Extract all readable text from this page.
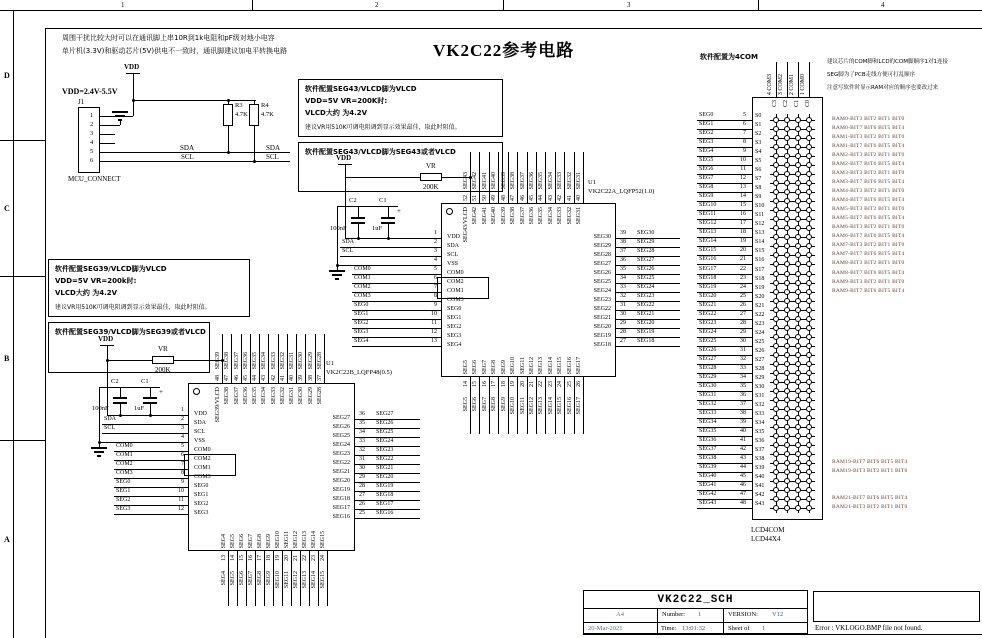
VK2C22参考电路
周围干扰比较大时可以在通讯脚上串10R到1k电阻和pF级对地小电容
单片机(3.3V)和驱动芯片(5V)供电不一致时，通讯脚建议加电平转换电路
VDD=2.4V-5.5V	软件配置SEG43/VLCD脚为VLCD
VDD=5V VR=200K时:
VLCD大约 为4.2V
建议VR用510K可调电阻调到显示效果最佳，取此时阻值。
软件配置SEG43/VLCD脚为SEG43或者VLCD
软件配置SEG39/VLCD脚为VLCD
VDD=5V VR=200k时:
VLCD大约 为4.2V
建议VR用510K可调电阻调到显示效果最佳，取此时阻值。
软件配置SEG39/VLCD脚为SEG39或者VLCD
软件配置为4COM
建议芯片的COM脚和LCD的COM脚顺序1对1连接
SEG脚为了PCB走线方便可打乱顺序
注意写软件时显示RAM对应的顺序也要改过来
LCD4COM
LCD44X4
VK2C22_SCH
A4	Number: 1	VERSION: V12
20-Mar-2021	Time: 13:01:32	Sheet of 1	Error : VKLOGO.BMP file not found.
1	2	3	4
D
C
B
A
VDD
R3
4.7K
R4
4.7K
J1
1
2
3
4
5
6
SDA	SDA
SCL	SCL
MCU_CONNECT
VDD
VR
200K
VDD
VR
200K
U1
VK2C22A_LQFP52(1.0)
C2
100nF
C1
1uF
+
1
VDD
SDA	2
SDA
SCL	3
SCL
4
VSS
COM0	5
COM0
COM1	6
COM2
COM2	7
COM1
COM3	8
COM3
SEG0	9
SEG0
SEG1	10
SEG1
SEG2	11
SEG2
SEG3	12
SEG3
SEG4	13
SEG4
39 SEG30
SEG30
38 SEG29
SEG29
37 SEG28
SEG28
36 SEG27
SEG27
35 SEG26
SEG26
34 SEG25
SEG25
33 SEG24
SEG24
32 SEG23
SEG23
31 SEG22
SEG22
30 SEG21
SEG21
29 SEG20
SEG20
28 SEG19
SEG19
27 SEG18
SEG18
SEG43
52
SEG43/VLCD
SEG42
51
SEG42
SEG41
50
SEG41
SEG40
49
SEG40
SEG39
48
SEG39
SEG38
47
SEG38
SEG37
46
SEG37
SEG36
45
SEG36
SEG35
44
SEG35
SEG34
43
SEG34
SEG33
42
SEG33
SEG32
41
SEG32
SEG31
40
SEG31
SEG5
14
SEG5
SEG6
15
SEG6
SEG7
16
SEG7
SEG8
17
SEG8
SEG9
18
SEG9
SEG10
19
SEG10
SEG11
20
SEG11
SEG12
21
SEG12
SEG13
22
SEG13
SEG14
23
SEG14
SEG15
24
SEG15
SEG16
25
SEG16
SEG17
26
SEG17
U1
VK2C22B_LQFP48(0.5)
C2
100nF
C1
1uF
+
1
VDD
SDA	2
SDA
SCL	3
SCL
4
VSS
COM0	5
COM0
COM1	6
COM2
COM2	7
COM1
COM3	8
COM3
SEG0	9
SEG0
SEG1	10
SEG1
SEG2	11
SEG2
SEG3	12
SEG3
36 SEG27
SEG27
35 SEG26
SEG26
34 SEG25
SEG25
33 SEG24
SEG24
32 SEG23
SEG23
31 SEG22
SEG22
30 SEG21
SEG21
29 SEG20
SEG20
28 SEG19
SEG19
27 SEG18
SEG18
26 SEG17
SEG17
25 SEG16
SEG16
SEG39
48
SEG39/VLCD
SEG38
47
SEG38
SEG37
46
SEG37
SEG36
45
SEG36
SEG35
44
SEG35
SEG34
43
SEG34
SEG33
42
SEG33
SEG32
41
SEG32
SEG31
40
SEG31
SEG30
39
SEG30
SEG29
38
SEG29
SEG28
37
SEG28
SEG4
13
SEG4
SEG5
14
SEG5
SEG6
15
SEG6
SEG7
16
SEG7
SEG8
17
SEG8
SEG9
18
SEG9
SEG10
19
SEG10
SEG11
20
SEG11
SEG12
21
SEG12
SEG13
22
SEG13
SEG14
23
SEG14
SEG15
24
SEG15
4 COM3 3 COM2 2 COM1 1 COM0
C3 C2 C1 C0
SEG0	5 S0	RAM0-BIT3 BIT2 BIT1 BIT0
SEG1	6 S1	RAM0-BIT7 BIT6 BIT5 BIT4
SEG2	7 S2	RAM1-BIT3 BIT2 BIT1 BIT0
SEG3	8 S3	RAM1-BIT7 BIT6 BIT5 BIT4
SEG4	9 S4	RAM2-BIT3 BIT2 BIT1 BIT0
SEG5	10 S5	RAM2-BIT7 BIT6 BIT5 BIT4
SEG6	11 S6	RAM3-BIT3 BIT2 BIT1 BIT0
SEG7	12 S7	RAM3-BIT7 BIT6 BIT5 BIT4
SEG8	13 S8	RAM4-BIT3 BIT2 BIT1 BIT0
SEG9	14 S9	RAM4-BIT7 BIT6 BIT5 BIT4
SEG10	15 S10	RAM5-BIT3 BIT2 BIT1 BIT0
SEG11	16 S11	RAM5-BIT7 BIT6 BIT5 BIT4
SEG12	17 S12	RAM6-BIT3 BIT2 BIT1 BIT0
SEG13	18 S13	RAM6-BIT7 BIT6 BIT5 BIT4
SEG14	19 S14	RAM7-BIT3 BIT2 BIT1 BIT0
SEG15	20 S15	RAM7-BIT7 BIT6 BIT5 BIT4
SEG16	21 S16	RAM8-BIT3 BIT2 BIT1 BIT0
SEG17	22 S17	RAM8-BIT7 BIT6 BIT5 BIT4
SEG18	23 S18	RAM9-BIT3 BIT2 BIT1 BIT0
SEG19	24 S19	RAM9-BIT7 BIT6 BIT5 BIT4
SEG20	25 S20
SEG21	26 S21
SEG22	27 S22
SEG23	28 S23
SEG24	29 S24
SEG25	30 S25
SEG26	31 S26
SEG27	32 S27
SEG28	33 S28
SEG29	34 S29
SEG30	35 S30
SEG31	36 S31
SEG32	37 S32
SEG33	38 S33
SEG34	39 S34
SEG35	40 S35
SEG36	41 S36
SEG37	42 S37
SEG38	43 S38	RAM19-BIT7 BIT6 BIT5 BIT4
SEG39	44 S39	RAM19-BIT3 BIT2 BIT1 BIT0
SEG40	45 S40
SEG41	46 S41
SEG42	47 S42	RAM21-BIT7 BIT6 BIT5 BIT4
SEG43	48 S43	RAM21-BIT3 BIT2 BIT1 BIT0
